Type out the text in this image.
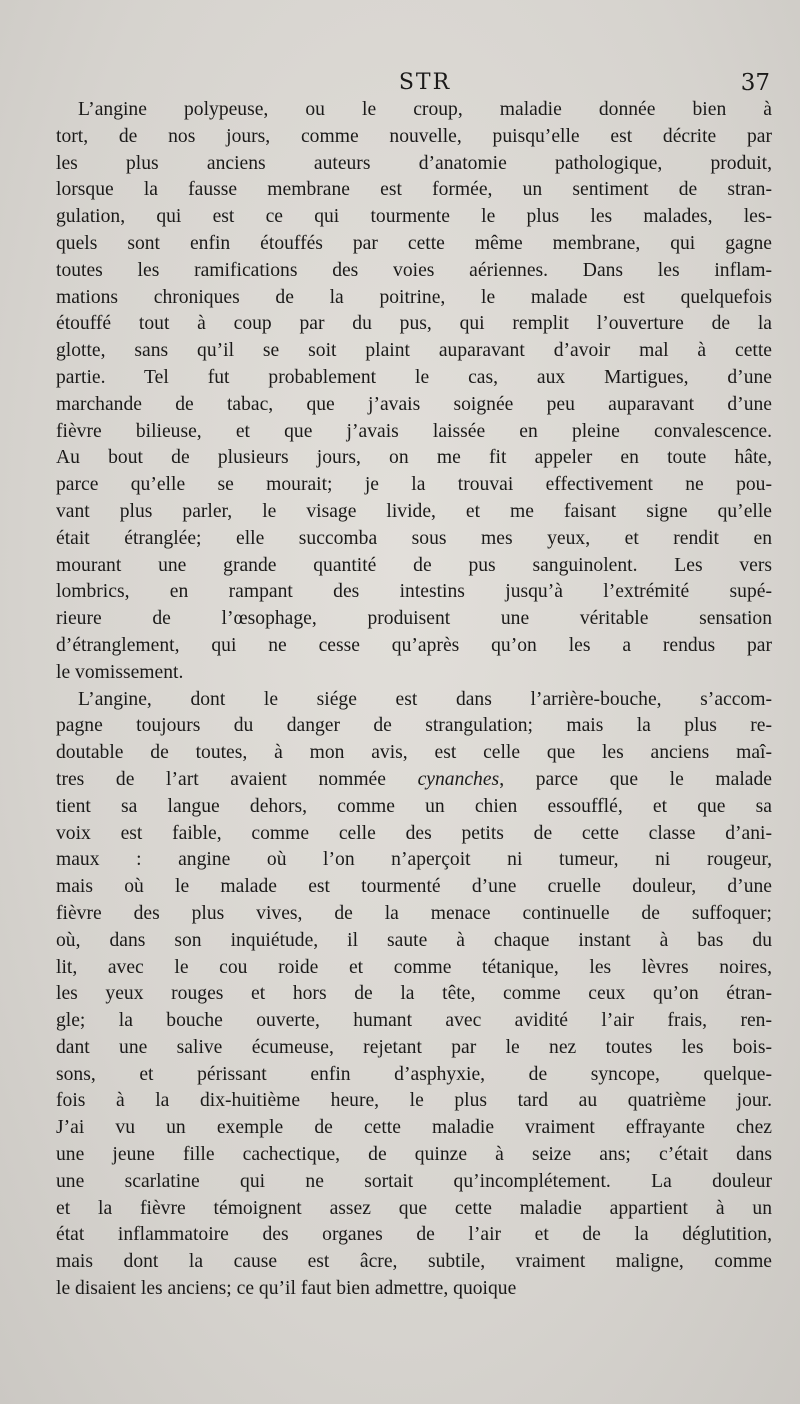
STR	37
L’angine polypeuse, ou le croup, maladie donnée bien à
tort, de nos jours, comme nouvelle, puisqu’elle est décrite par
les plus anciens auteurs d’anatomie pathologique, produit,
lorsque la fausse membrane est formée, un sentiment de stran-
gulation, qui est ce qui tourmente le plus les malades, les-
quels sont enfin étouffés par cette même membrane, qui gagne
toutes les ramifications des voies aériennes. Dans les inflam-
mations chroniques de la poitrine, le malade est quelquefois
étouffé tout à coup par du pus, qui remplit l’ouverture de la
glotte, sans qu’il se soit plaint auparavant d’avoir mal à cette
partie. Tel fut probablement le cas, aux Martigues, d’une
marchande de tabac, que j’avais soignée peu auparavant d’une
fièvre bilieuse, et que j’avais laissée en pleine convalescence.
Au bout de plusieurs jours, on me fit appeler en toute hâte,
parce qu’elle se mourait; je la trouvai effectivement ne pou-
vant plus parler, le visage livide, et me faisant signe qu’elle
était étranglée; elle succomba sous mes yeux, et rendit en
mourant une grande quantité de pus sanguinolent. Les vers
lombrics, en rampant des intestins jusqu’à l’extrémité supé-
rieure de l’œsophage, produisent une véritable sensation
d’étranglement, qui ne cesse qu’après qu’on les a rendus par
le vomissement.
L’angine, dont le siége est dans l’arrière-bouche, s’accom-
pagne toujours du danger de strangulation; mais la plus re-
doutable de toutes, à mon avis, est celle que les anciens maî-
tres de l’art avaient nommée cynanches, parce que le malade
tient sa langue dehors, comme un chien essoufflé, et que sa
voix est faible, comme celle des petits de cette classe d’ani-
maux : angine où l’on n’aperçoit ni tumeur, ni rougeur,
mais où le malade est tourmenté d’une cruelle douleur, d’une
fièvre des plus vives, de la menace continuelle de suffoquer;
où, dans son inquiétude, il saute à chaque instant à bas du
lit, avec le cou roide et comme tétanique, les lèvres noires,
les yeux rouges et hors de la tête, comme ceux qu’on étran-
gle; la bouche ouverte, humant avec avidité l’air frais, ren-
dant une salive écumeuse, rejetant par le nez toutes les bois-
sons, et périssant enfin d’asphyxie, de syncope, quelque-
fois à la dix-huitième heure, le plus tard au quatrième jour.
J’ai vu un exemple de cette maladie vraiment effrayante chez
une jeune fille cachectique, de quinze à seize ans; c’était dans
une scarlatine qui ne sortait qu’incomplétement. La douleur
et la fièvre témoignent assez que cette maladie appartient à un
état inflammatoire des organes de l’air et de la déglutition,
mais dont la cause est âcre, subtile, vraiment maligne, comme
le disaient les anciens; ce qu’il faut bien admettre, quoique
